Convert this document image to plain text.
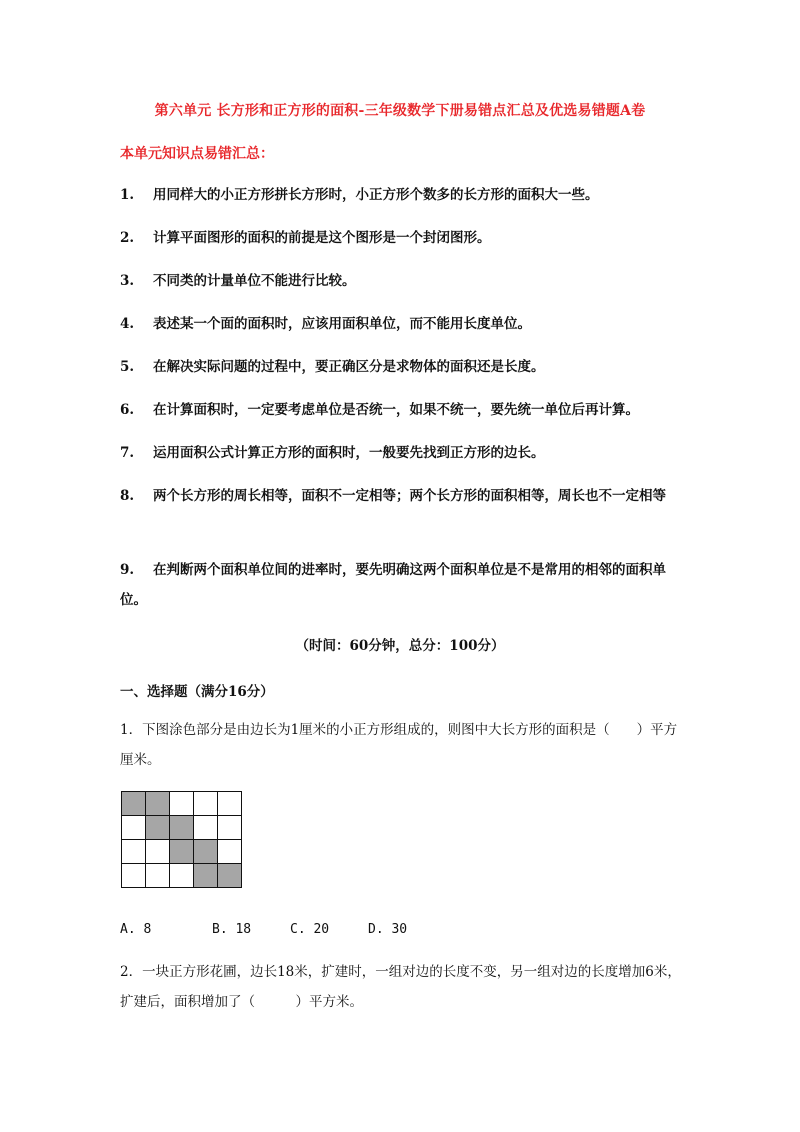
第六单元 长方形和正方形的面积-三年级数学下册易错点汇总及优选易错题A卷
本单元知识点易错汇总：
1. 用同样大的小正方形拼长方形时，小正方形个数多的长方形的面积大一些。
2. 计算平面图形的面积的前提是这个图形是一个封闭图形。
3. 不同类的计量单位不能进行比较。
4. 表述某一个面的面积时，应该用面积单位，而不能用长度单位。
5. 在解决实际问题的过程中，要正确区分是求物体的面积还是长度。
6. 在计算面积时，一定要考虑单位是否统一，如果不统一，要先统一单位后再计算。
7. 运用面积公式计算正方形的面积时，一般要先找到正方形的边长。
8. 两个长方形的周长相等，面积不一定相等；两个长方形的面积相等，周长也不一定相等
9. 在判断两个面积单位间的进率时，要先明确这两个面积单位是不是常用的相邻的面积单位。
（时间：60分钟，总分：100分）
一、选择题（满分16分）
1．下图涂色部分是由边长为1厘米的小正方形组成的，则图中大长方形的面积是（　　）平方厘米。

A. 8	B. 18	C. 20	D. 30
2．一块正方形花圃，边长18米，扩建时，一组对边的长度不变，另一组对边的长度增加6米，扩建后，面积增加了（　　　）平方米。
